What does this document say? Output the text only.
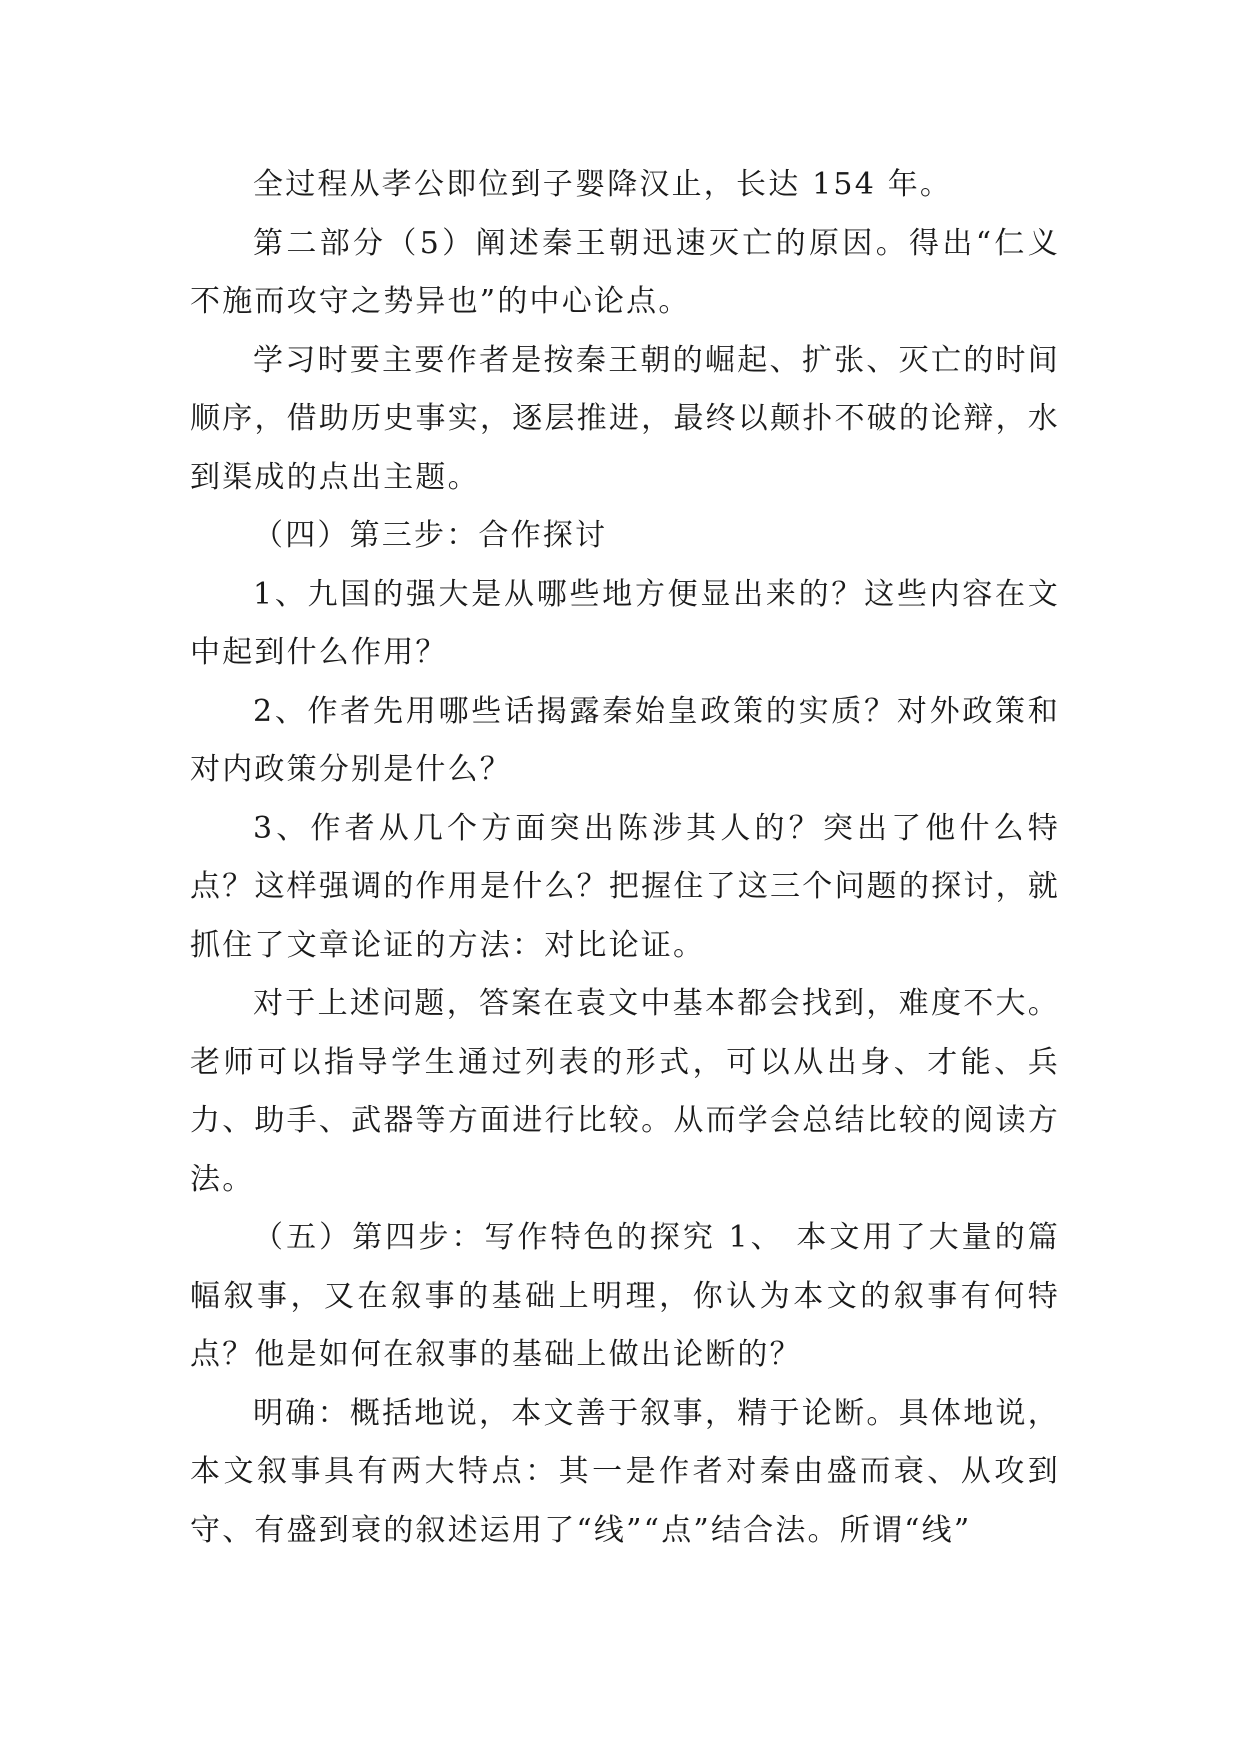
全过程从孝公即位到子婴降汉止，长达 154 年。

第二部分（5）阐述秦王朝迅速灭亡的原因。得出“仁义不施而攻守之势异也”的中心论点。

学习时要主要作者是按秦王朝的崛起、扩张、灭亡的时间顺序，借助历史事实，逐层推进，最终以颠扑不破的论辩，水到渠成的点出主题。

（四）第三步：合作探讨

1、九国的强大是从哪些地方便显出来的？这些内容在文中起到什么作用？

2、作者先用哪些话揭露秦始皇政策的实质？对外政策和对内政策分别是什么？

3、作者从几个方面突出陈涉其人的？突出了他什么特点？这样强调的作用是什么？把握住了这三个问题的探讨，就抓住了文章论证的方法：对比论证。

对于上述问题，答案在袁文中基本都会找到，难度不大。老师可以指导学生通过列表的形式，可以从出身、才能、兵力、助手、武器等方面进行比较。从而学会总结比较的阅读方法。

（五）第四步：写作特色的探究 1、 本文用了大量的篇幅叙事，又在叙事的基础上明理，你认为本文的叙事有何特点？他是如何在叙事的基础上做出论断的？

明确：概括地说，本文善于叙事，精于论断。具体地说，本文叙事具有两大特点：其一是作者对秦由盛而衰、从攻到守、有盛到衰的叙述运用了“线”“点”结合法。所谓“线”
